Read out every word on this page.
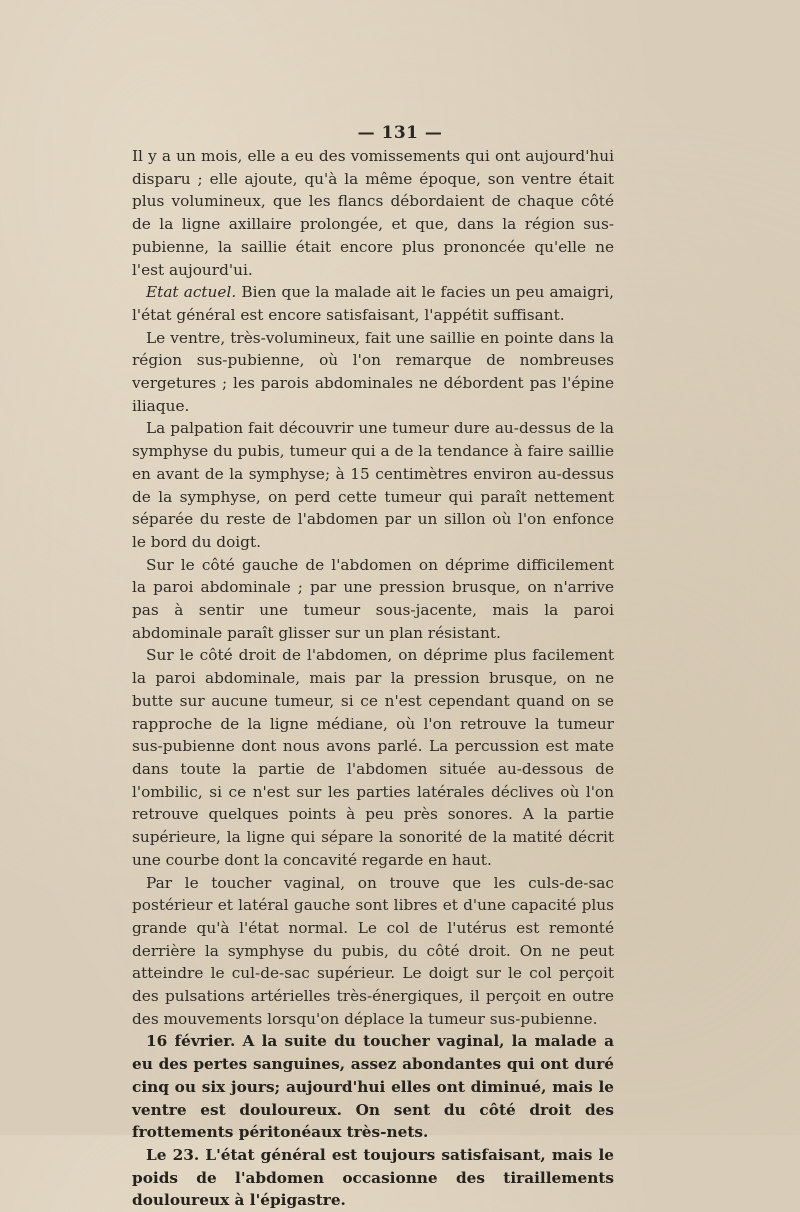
— 131 —

Il y a un mois, elle a eu des vomissements qui ont aujourd'hui disparu ; elle ajoute, qu'à la même époque, son ventre était plus volumineux, que les flancs débordaient de chaque côté de la ligne axillaire prolongée, et que, dans la région sus-pubienne, la saillie était encore plus prononcée qu'elle ne l'est aujourd'ui.

Etat actuel. Bien que la malade ait le facies un peu amaigri, l'état général est encore satisfaisant, l'appétit suffisant.

Le ventre, très-volumineux, fait une saillie en pointe dans la région sus-pubienne, où l'on remarque de nombreuses vergetures ; les parois abdominales ne débordent pas l'épine iliaque.

La palpation fait découvrir une tumeur dure au-dessus de la symphyse du pubis, tumeur qui a de la tendance à faire saillie en avant de la symphyse; à 15 centimètres environ au-dessus de la symphyse, on perd cette tumeur qui paraît nettement séparée du reste de l'abdomen par un sillon où l'on enfonce le bord du doigt.

Sur le côté gauche de l'abdomen on déprime difficilement la paroi abdominale ; par une pression brusque, on n'arrive pas à sentir une tumeur sous-jacente, mais la paroi abdominale paraît glisser sur un plan résistant.

Sur le côté droit de l'abdomen, on déprime plus facilement la paroi abdominale, mais par la pression brusque, on ne butte sur aucune tumeur, si ce n'est cependant quand on se rapproche de la ligne médiane, où l'on retrouve la tumeur sus-pubienne dont nous avons parlé. La percussion est mate dans toute la partie de l'abdomen située au-dessous de l'ombilic, si ce n'est sur les parties latérales déclives où l'on retrouve quelques points à peu près sonores. A la partie supérieure, la ligne qui sépare la sonorité de la matité décrit une courbe dont la concavité regarde en haut.

Par le toucher vaginal, on trouve que les culs-de-sac postérieur et latéral gauche sont libres et d'une capacité plus grande qu'à l'état normal. Le col de l'utérus est remonté derrière la symphyse du pubis, du côté droit. On ne peut atteindre le cul-de-sac supérieur. Le doigt sur le col perçoit des pulsations artérielles très-énergiques, il perçoit en outre des mouvements lorsqu'on déplace la tumeur sus-pubienne.

16 février. A la suite du toucher vaginal, la malade a eu des pertes sanguines, assez abondantes qui ont duré cinq ou six jours; aujourd'hui elles ont diminué, mais le ventre est douloureux. On sent du côté droit des frottements péritonéaux très-nets.

Le 23. L'état général est toujours satisfaisant, mais le poids de l'abdomen occasionne des tiraillements douloureux à l'épigastre.
